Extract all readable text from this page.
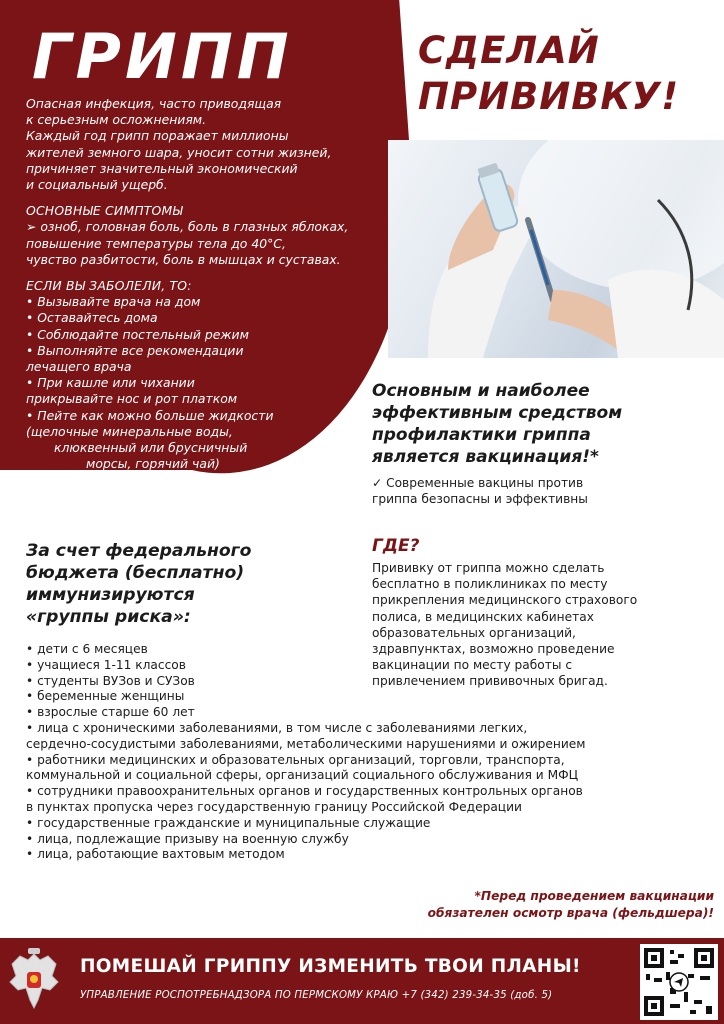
ГРИПП

Опасная инфекция, часто приводящая

к серьезным осложнениям.

Каждый год грипп поражает миллионы

жителей земного шара, уносит сотни жизней,

причиняет значительный экономический

и социальный ущерб.

ОСНОВНЫЕ СИМПТОМЫ

➢ озноб, головная боль, боль в глазных яблоках,

повышение температуры тела до 40°С,

чувство разбитости, боль в мышцах и суставах.

ЕСЛИ ВЫ ЗАБОЛЕЛИ, ТО:

• Вызывайте врача на дом

• Оставайтесь дома

• Соблюдайте постельный режим

• Выполняйте все рекомендации

лечащего врача

• При кашле или чихании

прикрывайте нос и рот платком

• Пейте как можно больше жидкости

(щелочные минеральные воды,

клюквенный или брусничный

морсы, горячий чай)

СДЕЛАЙ
ПРИВИВКУ!
Основным и наиболее
эффективным средством
профилактики гриппа
является вакцинация!*
✓ Современные вакцины против
гриппа безопасны и эффективны
ГДЕ?
Прививку от гриппа можно сделать
бесплатно в поликлиниках по месту
прикрепления медицинского страхового
полиса, в медицинских кабинетах
образовательных организаций,
здравпунктах, возможно проведение
вакцинации по месту работы с
привлечением прививочных бригад.
За счет федерального
бюджета (бесплатно)
иммунизируются
«группы риска»:
• дети с 6 месяцев
• учащиеся 1-11 классов
• студенты ВУЗов и СУЗов
• беременные женщины
• взрослые старше 60 лет
• лица с хроническими заболеваниями, в том числе с заболеваниями легких,
сердечно-сосудистыми заболеваниями, метаболическими нарушениями и ожирением
• работники медицинских и образовательных организаций, торговли, транспорта,
коммунальной и социальной сферы, организаций социального обслуживания и МФЦ
• сотрудники правоохранительных органов и государственных контрольных органов
в пунктах пропуска через государственную границу Российской Федерации
• государственные гражданские и муниципальные служащие
• лица, подлежащие призыву на военную службу
• лица, работающие вахтовым методом
*Перед проведением вакцинации
обязателен осмотр врача (фельдшера)!
ПОМЕШАЙ ГРИППУ ИЗМЕНИТЬ ТВОИ ПЛАНЫ!
УПРАВЛЕНИЕ РОСПОТРЕБНАДЗОРА ПО ПЕРМСКОМУ КРАЮ +7 (342) 239-34-35 (доб. 5)
